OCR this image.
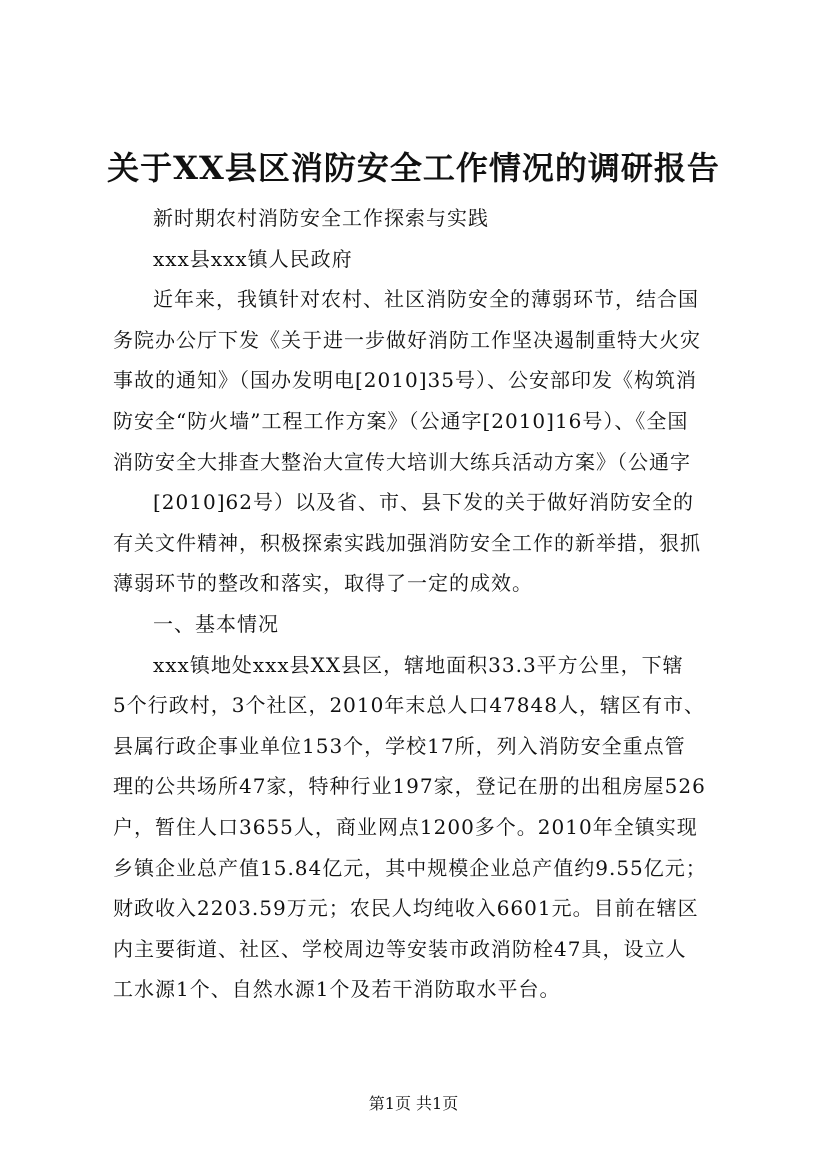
关于XX县区消防安全工作情况的调研报告
新时期农村消防安全工作探索与实践
xxx县xxx镇人民政府
近年来，我镇针对农村、社区消防安全的薄弱环节，结合国
务院办公厅下发《关于进一步做好消防工作坚决遏制重特大火灾
事故的通知》（国办发明电[2010]35号）、公安部印发《构筑消
防安全“防火墙”工程工作方案》（公通字[2010]16号）、《全国
消防安全大排查大整治大宣传大培训大练兵活动方案》（公通字
[2010]62号）以及省、市、县下发的关于做好消防安全的
有关文件精神，积极探索实践加强消防安全工作的新举措，狠抓
薄弱环节的整改和落实，取得了一定的成效。
一、基本情况
xxx镇地处xxx县XX县区，辖地面积33.3平方公里，下辖
5个行政村，3个社区，2010年末总人口47848人，辖区有市、
县属行政企事业单位153个，学校17所，列入消防安全重点管
理的公共场所47家，特种行业197家，登记在册的出租房屋526
户，暂住人口3655人，商业网点1200多个。2010年全镇实现
乡镇企业总产值15.84亿元，其中规模企业总产值约9.55亿元；
财政收入2203.59万元；农民人均纯收入6601元。目前在辖区
内主要街道、社区、学校周边等安装市政消防栓47具，设立人
工水源1个、自然水源1个及若干消防取水平台。
第1页 共1页
